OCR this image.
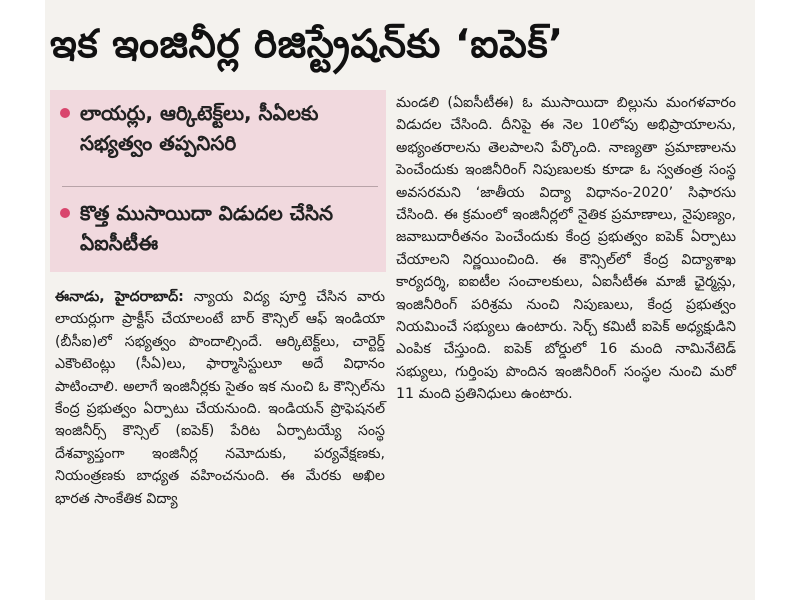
ఇక ఇంజినీర్ల రిజిస్ట్రేషన్‌కు ‘ఐపెక్’
లాయర్లు, ఆర్కిటెక్ట్‌లు, సీఏలకు సభ్యత్వం తప్పనిసరి
కొత్త ముసాయిదా విడుదల చేసిన ఏఐసీటీఈ

ఈనాడు, హైదరాబాద్: న్యాయ విద్య పూర్తి చేసిన వారు లాయర్లుగా ప్రాక్టీస్ చేయాలంటే బార్ కౌన్సిల్ ఆఫ్ ఇండియా (బీసీఐ)లో సభ్యత్వం పొందాల్సిందే. ఆర్కిటెక్ట్‌లు, చార్టెర్డ్ ఎకౌంటెంట్లు (సీఏ)లు, ఫార్మాసిస్టులూ అదే విధానం పాటించాలి. అలాగే ఇంజినీర్లకు సైతం ఇక నుంచి ఓ కౌన్సిల్‌ను కేంద్ర ప్రభుత్వం ఏర్పాటు చేయనుంది. ఇండియన్ ప్రొఫెషనల్ ఇంజినీర్స్ కౌన్సిల్ (ఐపెక్) పేరిట ఏర్పాటయ్యే సంస్థ దేశవ్యాప్తంగా ఇంజినీర్ల నమోదుకు, పర్యవేక్షణకు, నియంత్రణకు బాధ్యత వహించనుంది. ఈ మేరకు అఖిల భారత సాంకేతిక విద్యా

మండలి (ఏఐసీటీఈ) ఓ ముసాయిదా బిల్లును మంగళవారం విడుదల చేసింది. దీనిపై ఈ నెల 10లోపు అభిప్రాయాలను, అభ్యంతరాలను తెలపాలని పేర్కొంది. నాణ్యతా ప్రమాణాలను పెంచేందుకు ఇంజినీరింగ్ నిపుణులకు కూడా ఓ స్వతంత్ర సంస్థ అవసరమని ‘జాతీయ విద్యా విధానం-2020’ సిఫారసు చేసింది. ఈ క్రమంలో ఇంజినీర్లలో నైతిక ప్రమాణాలు, నైపుణ్యం, జవాబుదారీతనం పెంచేందుకు కేంద్ర ప్రభుత్వం ఐపెక్ ఏర్పాటు చేయాలని నిర్ణయించింది. ఈ కౌన్సిల్‌లో కేంద్ర విద్యాశాఖ కార్యదర్శి, ఐఐటీల సంచాలకులు, ఏఐసీటీఈ మాజీ ఛైర్మన్లు, ఇంజినీరింగ్ పరిశ్రమ నుంచి నిపుణులు, కేంద్ర ప్రభుత్వం నియమించే సభ్యులు ఉంటారు. సెర్చ్ కమిటీ ఐపెక్ అధ్యక్షుడిని ఎంపిక చేస్తుంది. ఐపెక్ బోర్డులో 16 మంది నామినేటెడ్ సభ్యులు, గుర్తింపు పొందిన ఇంజినీరింగ్ సంస్థల నుంచి మరో 11 మంది ప్రతినిధులు ఉంటారు.
